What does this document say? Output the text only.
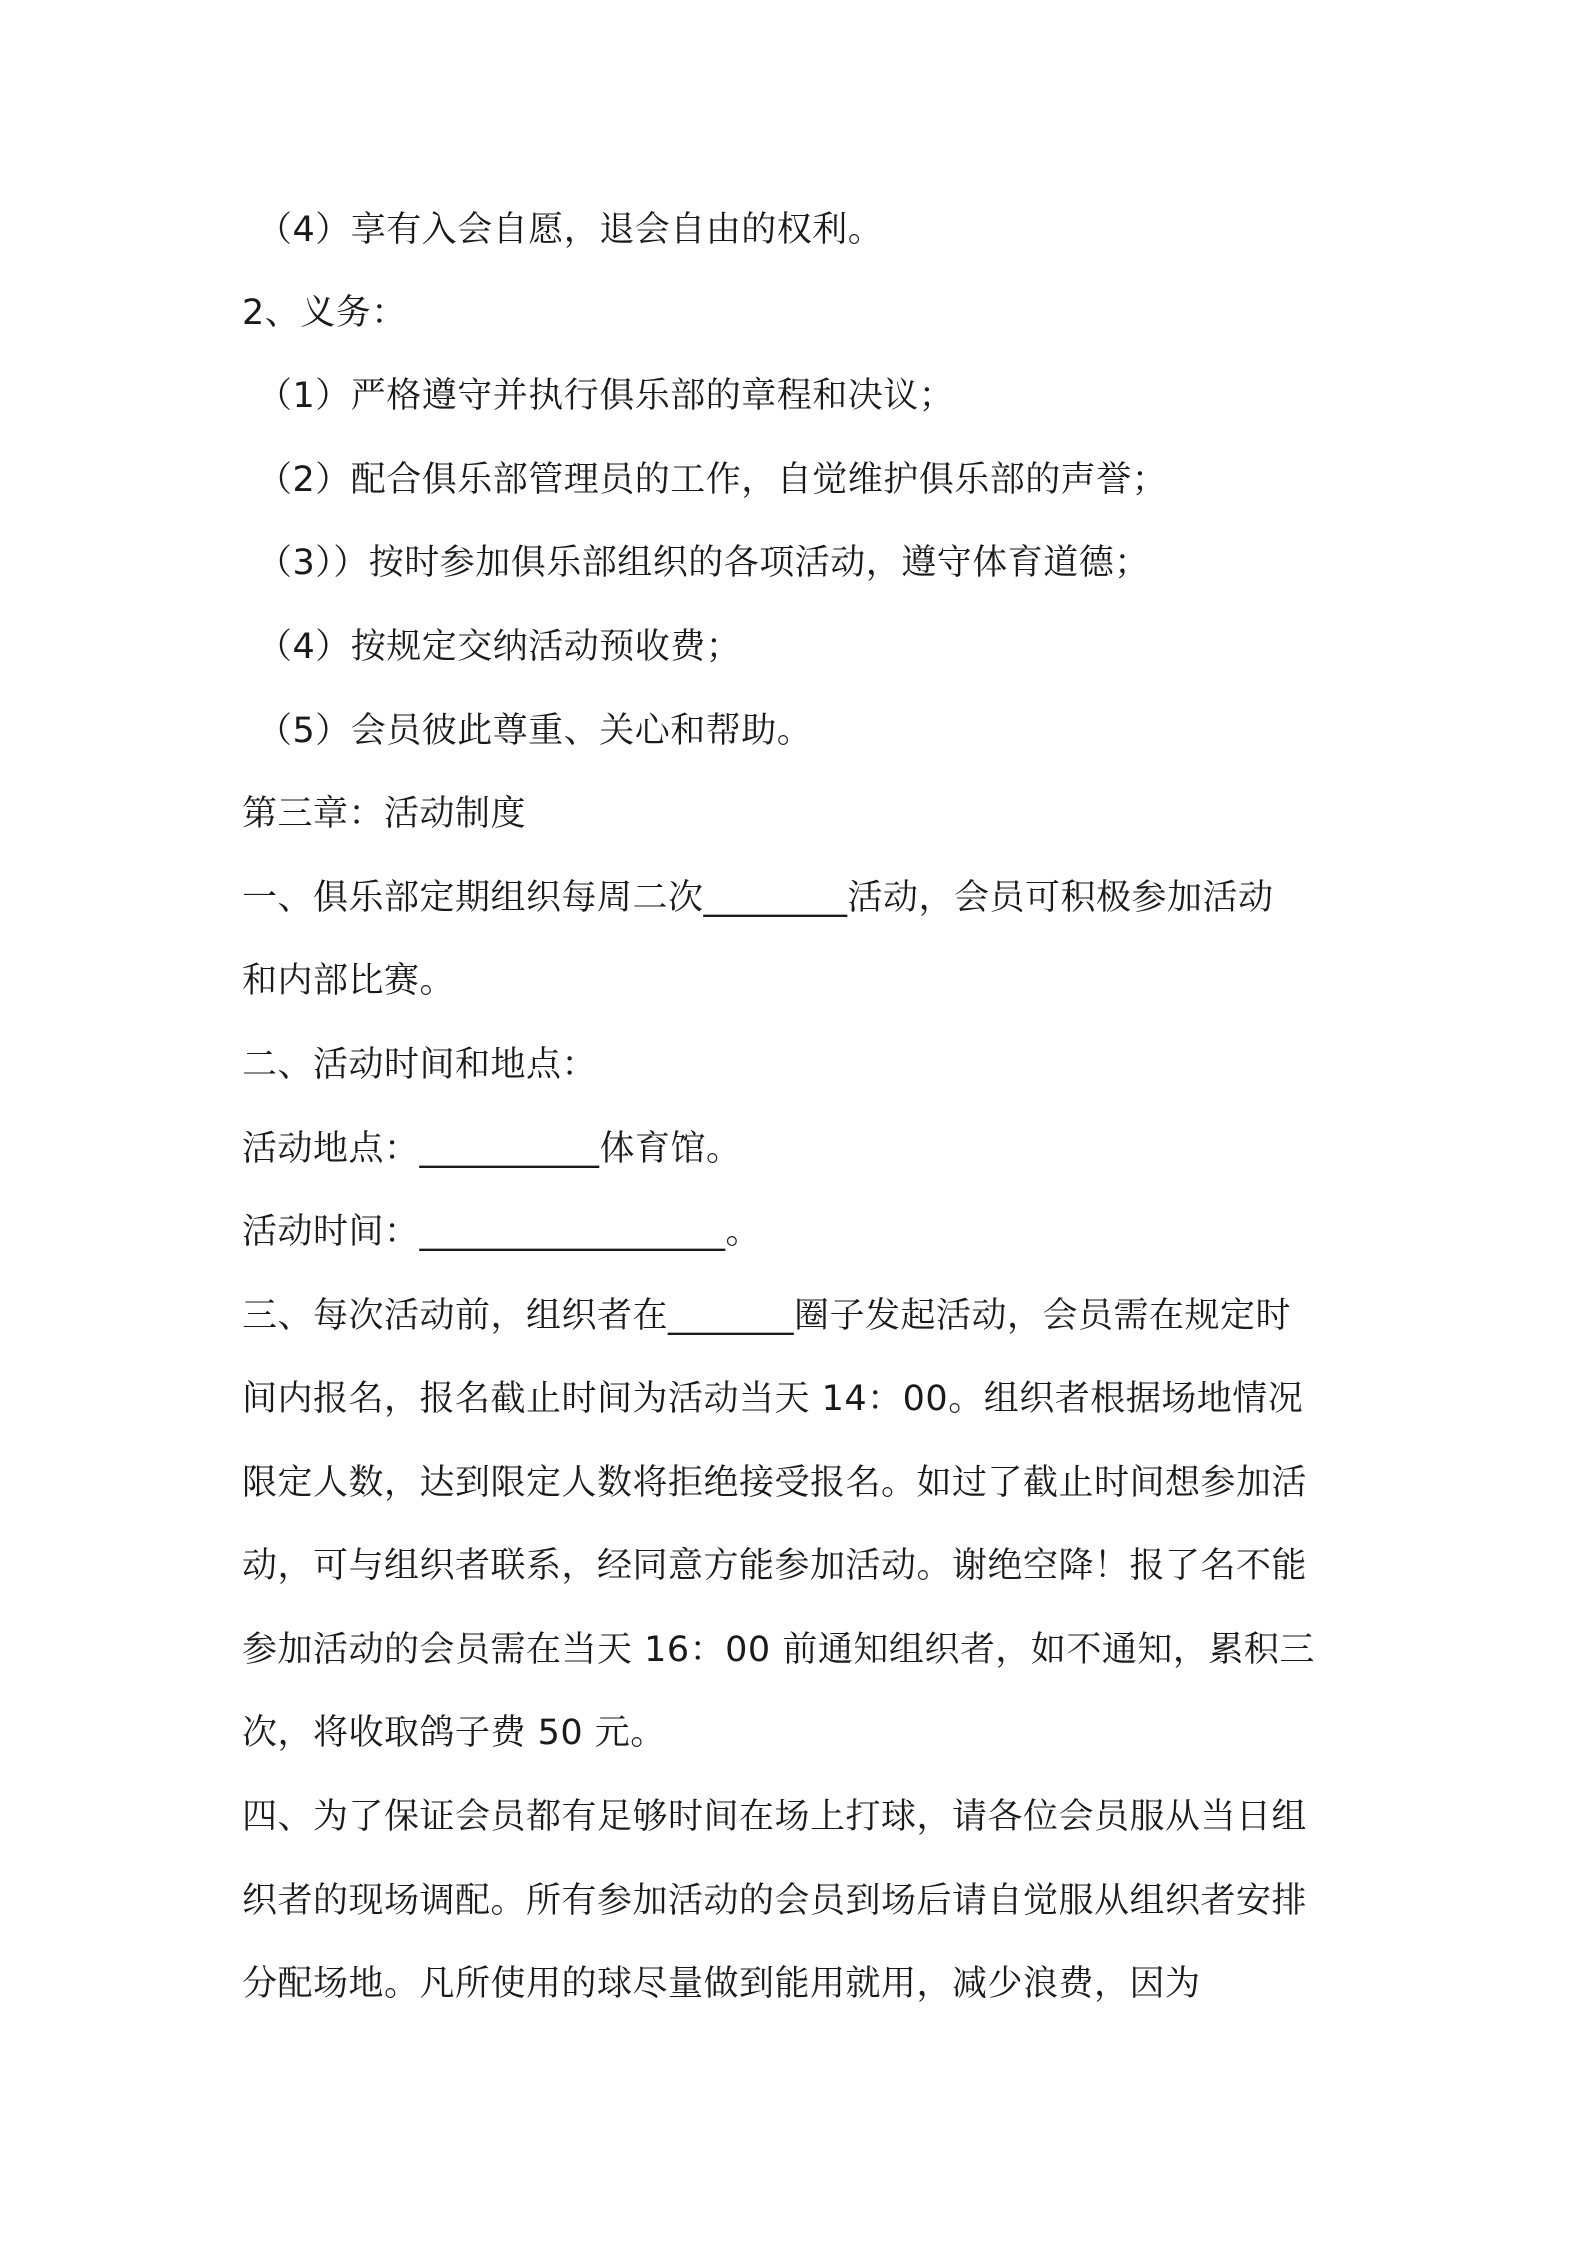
（4）享有入会自愿，退会自由的权利。
2、义务：
（1）严格遵守并执行俱乐部的章程和决议；
（2）配合俱乐部管理员的工作，自觉维护俱乐部的声誉；
（3））按时参加俱乐部组织的各项活动，遵守体育道德；
（4）按规定交纳活动预收费；
（5）会员彼此尊重、关心和帮助。
第三章：活动制度
一、俱乐部定期组织每周二次________活动，会员可积极参加活动
和内部比赛。
二、活动时间和地点：
活动地点：__________体育馆。
活动时间：_________________。
三、每次活动前，组织者在_______圈子发起活动，会员需在规定时
间内报名，报名截止时间为活动当天 14：00。组织者根据场地情况
限定人数，达到限定人数将拒绝接受报名。如过了截止时间想参加活
动，可与组织者联系，经同意方能参加活动。谢绝空降！报了名不能
参加活动的会员需在当天 16：00 前通知组织者，如不通知，累积三
次，将收取鸽子费 50 元。
四、为了保证会员都有足够时间在场上打球，请各位会员服从当日组
织者的现场调配。所有参加活动的会员到场后请自觉服从组织者安排
分配场地。凡所使用的球尽量做到能用就用，减少浪费，因为
